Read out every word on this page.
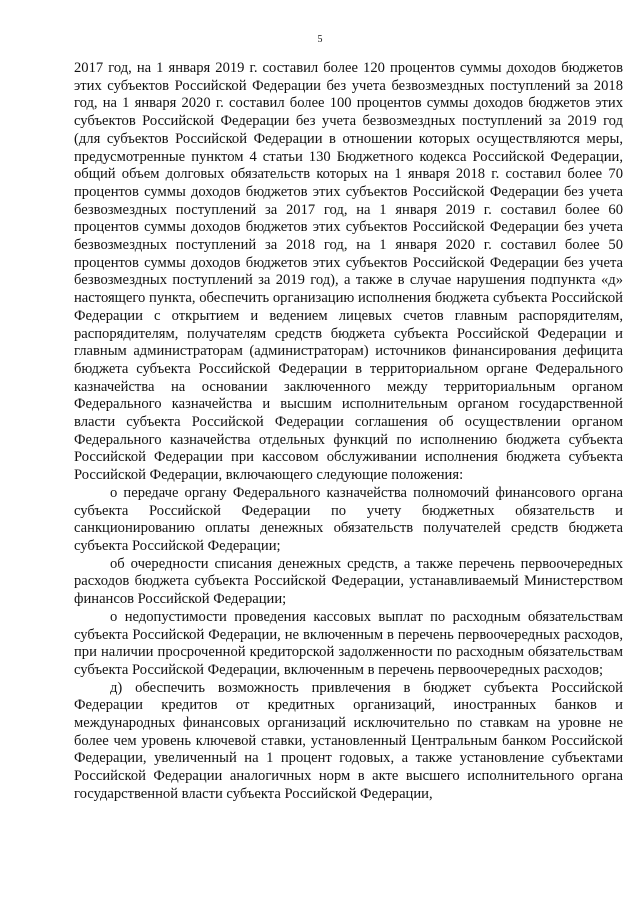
5

2017 год, на 1 января 2019 г. составил более 120 процентов суммы доходов бюджетов этих субъектов Российской Федерации без учета безвозмездных поступлений за 2018 год, на 1 января 2020 г. составил более 100 процентов суммы доходов бюджетов этих субъектов Российской Федерации без учета безвозмездных поступлений за 2019 год (для субъектов Российской Федерации в отношении которых осуществляются меры, предусмотренные пунктом 4 статьи 130 Бюджетного кодекса Российской Федерации, общий объем долговых обязательств которых на 1 января 2018 г. составил более 70 процентов суммы доходов бюджетов этих субъектов Российской Федерации без учета безвозмездных поступлений за 2017 год, на 1 января 2019 г. составил более 60 процентов суммы доходов бюджетов этих субъектов Российской Федерации без учета безвозмездных поступлений за 2018 год, на 1 января 2020 г. составил более 50 процентов суммы доходов бюджетов этих субъектов Российской Федерации без учета безвозмездных поступлений за 2019 год), а также в случае нарушения подпункта «д» настоящего пункта, обеспечить организацию исполнения бюджета субъекта Российской Федерации с открытием и ведением лицевых счетов главным распорядителям, распорядителям, получателям средств бюджета субъекта Российской Федерации и главным администраторам (администраторам) источников финансирования дефицита бюджета субъекта Российской Федерации в территориальном органе Федерального казначейства на основании заключенного между территориальным органом Федерального казначейства и высшим исполнительным органом государственной власти субъекта Российской Федерации соглашения об осуществлении органом Федерального казначейства отдельных функций по исполнению бюджета субъекта Российской Федерации при кассовом обслуживании исполнения бюджета субъекта Российской Федерации, включающего следующие положения:

о передаче органу Федерального казначейства полномочий финансового органа субъекта Российской Федерации по учету бюджетных обязательств и санкционированию оплаты денежных обязательств получателей средств бюджета субъекта Российской Федерации;

об очередности списания денежных средств, а также перечень первоочередных расходов бюджета субъекта Российской Федерации, устанавливаемый Министерством финансов Российской Федерации;

о недопустимости проведения кассовых выплат по расходным обязательствам субъекта Российской Федерации, не включенным в перечень первоочередных расходов, при наличии просроченной кредиторской задолженности по расходным обязательствам субъекта Российской Федерации, включенным в перечень первоочередных расходов;

д) обеспечить возможность привлечения в бюджет субъекта Российской Федерации кредитов от кредитных организаций, иностранных банков и международных финансовых организаций исключительно по ставкам на уровне не более чем уровень ключевой ставки, установленный Центральным банком Российской Федерации, увеличенный на 1 процент годовых, а также установление субъектами Российской Федерации аналогичных норм в акте высшего исполнительного органа государственной власти субъекта Российской Федерации,
